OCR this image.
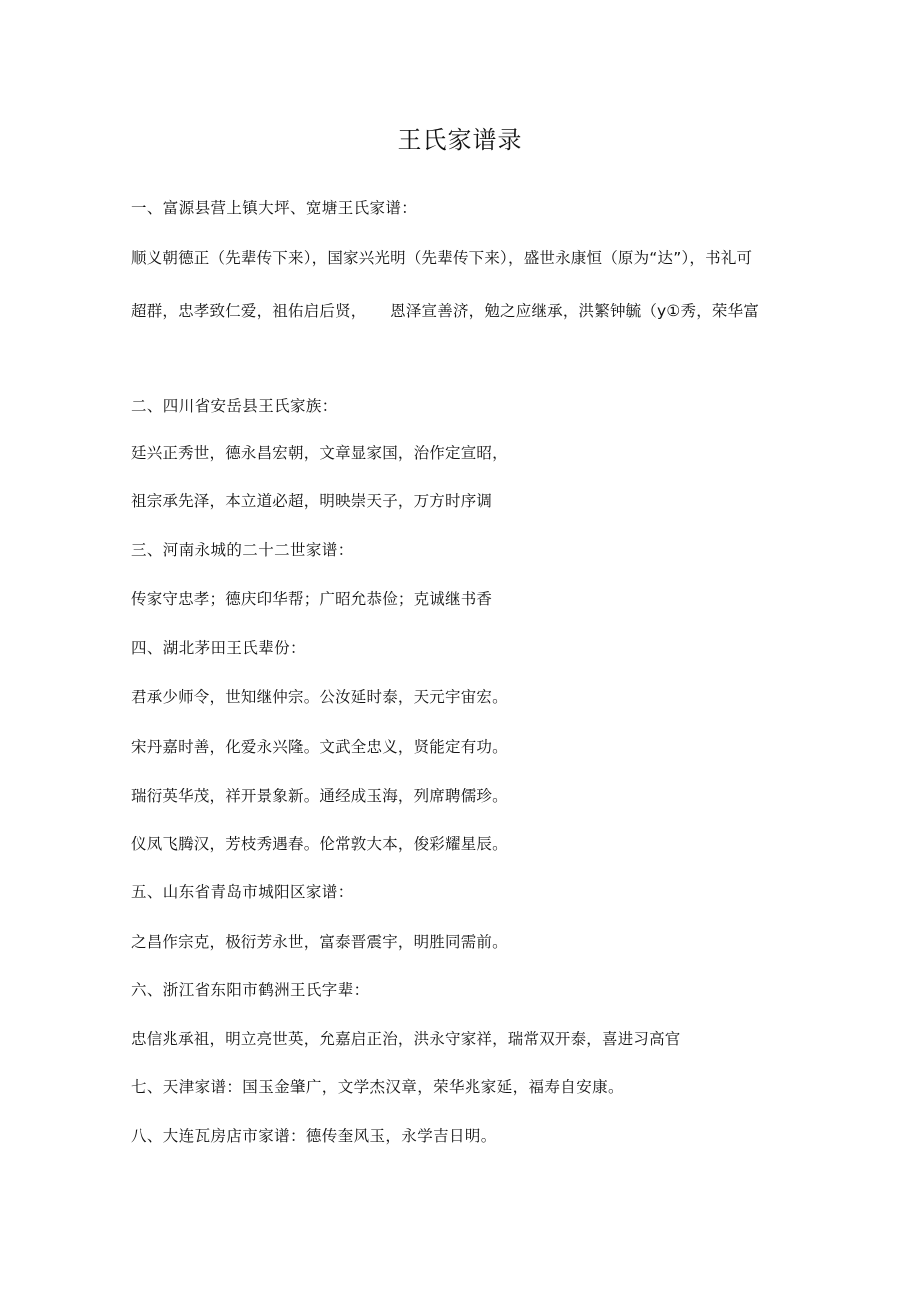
王氏家谱录
一、富源县营上镇大坪、宽塘王氏家谱：
顺义朝德正（先辈传下来），国家兴光明（先辈传下来），盛世永康恒（原为“达”），书礼可
超群，忠孝致仁爱，祖佑启后贤，　　恩泽宣善济，勉之应继承，洪繁钟毓（y①秀，荣华富
二、四川省安岳县王氏家族：
廷兴正秀世，德永昌宏朝，文章显家国，治作定宣昭，
祖宗承先泽，本立道必超，明映崇天子，万方时序调
三、河南永城的二十二世家谱：
传家守忠孝；德庆印华帮；广昭允恭俭；克诚继书香
四、湖北茅田王氏辈份：
君承少师令，世知继仲宗。公汝延时泰，天元宇宙宏。
宋丹嘉时善，化爱永兴隆。文武全忠义，贤能定有功。
瑞衍英华茂，祥开景象新。通经成玉海，列席聘儒珍。
仪凤飞腾汉，芳枝秀遇春。伦常敦大本，俊彩耀星辰。
五、山东省青岛市城阳区家谱：
之昌作宗克，极衍芳永世，富泰晋震宇，明胜同需前。
六、浙江省东阳市鹤洲王氏字辈：
忠信兆承祖，明立亮世英，允嘉启正治，洪永守家祥，瑞常双开泰，喜进习高官
七、天津家谱：国玉金肇广，文学杰汉章，荣华兆家延，福寿自安康。
八、大连瓦房店市家谱：德传奎风玉，永学吉日明。
